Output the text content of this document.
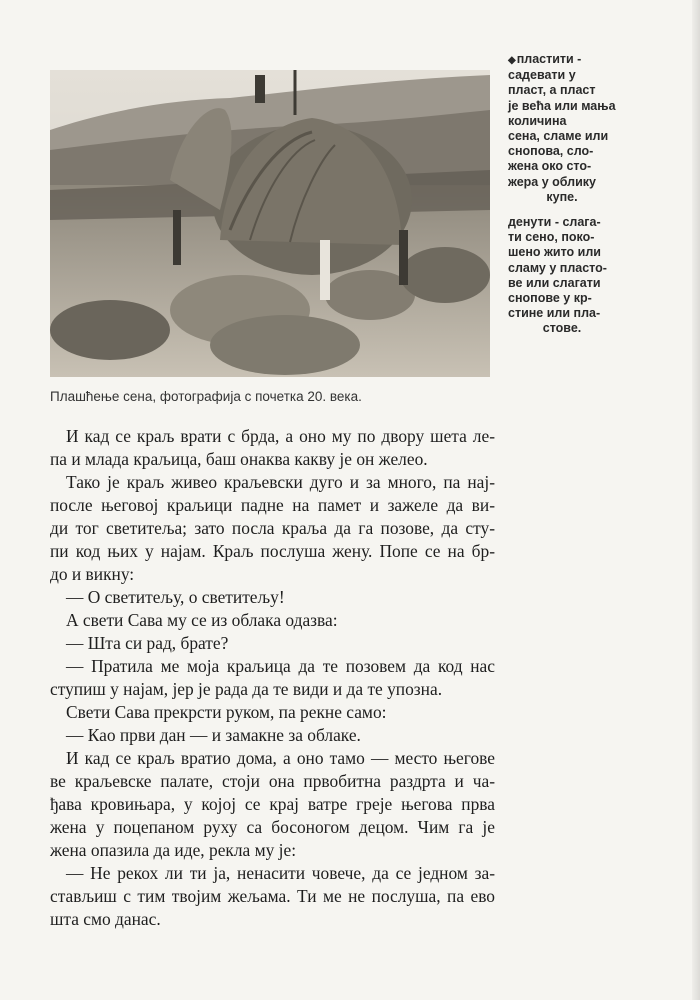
Плашћење сена, фотографија с почетка 20. века.
◆пластити -
садевати у
пласт, а пласт
је већа или мањa
количина
сена, сламе или
снопова, сло-
жена око сто-
жера у облику
купе.
денути - слага-
ти сено, поко-
шено жито или
сламу у пласто-
ве или слагати
снопове у кр-
стине или пла-
стове.
И кад се краљ врати с брда, а оно му по двору шета ле-
па и млада краљица, баш онаква какву је он желео.
Тако је краљ живео краљевски дуго и за много, па нај-
после његовој краљици падне на памет и зажеле да ви-
ди тог светитеља; зато посла краља да га позове, да сту-
пи код њих у најам. Краљ послуша жену. Попе се на бр-
до и викну:
— О светитељу, о светитељу!
А свети Сава му се из облака одазва:
— Шта си рад, брате?
— Пратила ме моја краљица да те позовем да код нас
ступиш у најам, јер је рада да те види и да те упозна.
Свети Сава прекрсти руком, па рекне само:
— Као први дан — и замакне за облаке.
И кад се краљ вратио дома, а оно тамо — место његове
ве краљевске палате, стоји она првобитна раздрта и ча-
ђава кровињара, у којој се крај ватре греје његова прва
жена у поцепаном руху са босоногом децом. Чим га је
жена опазила да иде, рекла му је:
— Не рекох ли ти ја, ненасити човече, да се једном за-
стављиш с тим твојим жељама. Ти ме не послуша, па ево
шта смо данас.
